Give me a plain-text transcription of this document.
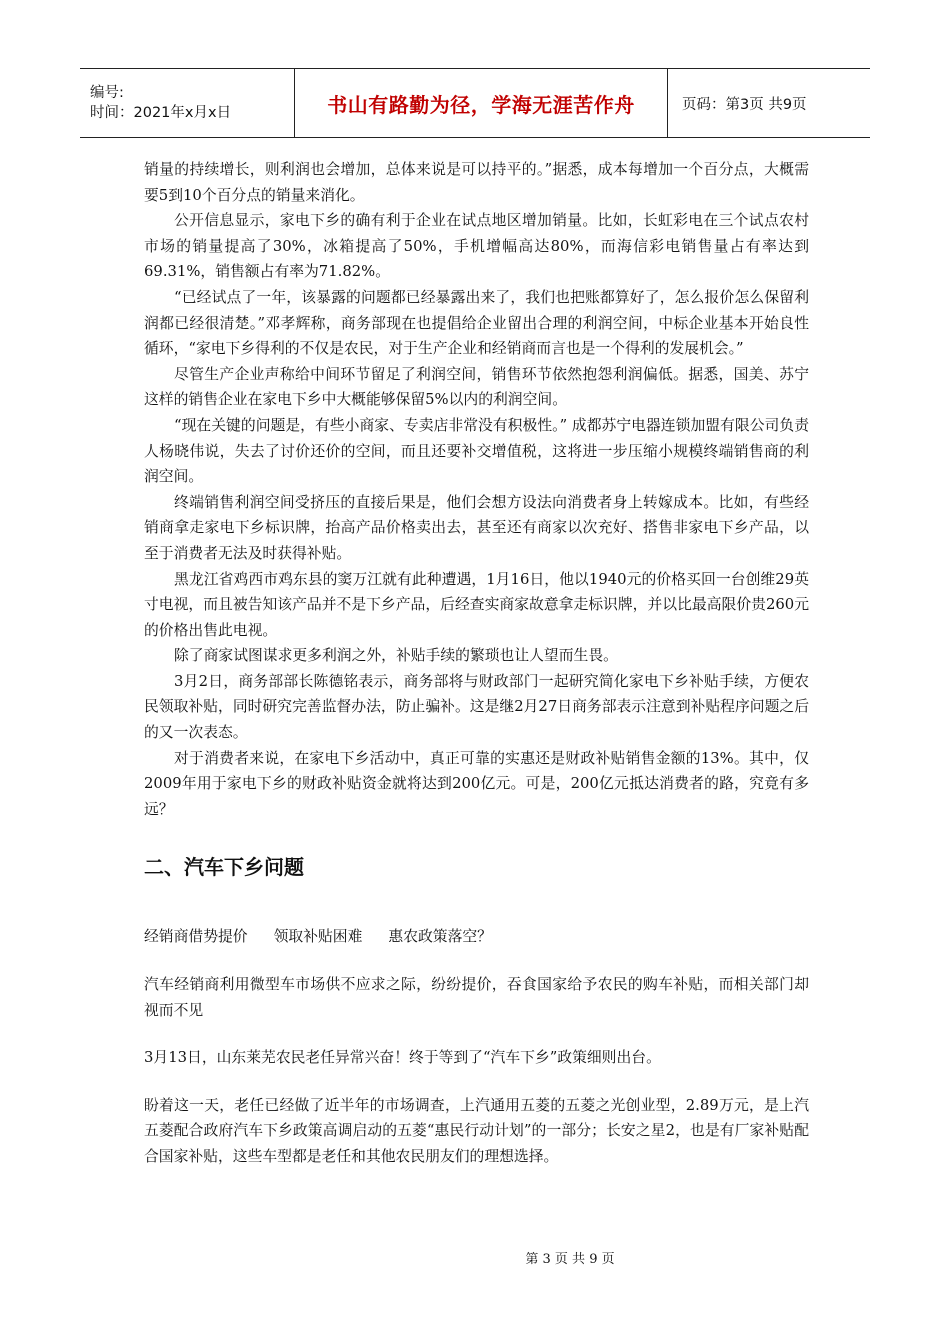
编号:
时间：2021年x月x日	书山有路勤为径，学海无涯苦作舟	页码：第3页 共9页

销量的持续增长，则利润也会增加，总体来说是可以持平的。”据悉，成本每增加一个百分点，大概需要5到10个百分点的销量来消化。

公开信息显示，家电下乡的确有利于企业在试点地区增加销量。比如，长虹彩电在三个试点农村市场的销量提高了30%，冰箱提高了50%，手机增幅高达80%，而海信彩电销售量占有率达到69.31%，销售额占有率为71.82%。

“已经试点了一年，该暴露的问题都已经暴露出来了，我们也把账都算好了，怎么报价怎么保留利润都已经很清楚。”邓孝辉称，商务部现在也提倡给企业留出合理的利润空间，中标企业基本开始良性循环，“家电下乡得利的不仅是农民，对于生产企业和经销商而言也是一个得利的发展机会。”

尽管生产企业声称给中间环节留足了利润空间，销售环节依然抱怨利润偏低。据悉，国美、苏宁这样的销售企业在家电下乡中大概能够保留5%以内的利润空间。

“现在关键的问题是，有些小商家、专卖店非常没有积极性。” 成都苏宁电器连锁加盟有限公司负责人杨晓伟说，失去了讨价还价的空间，而且还要补交增值税，这将进一步压缩小规模终端销售商的利润空间。

终端销售利润空间受挤压的直接后果是，他们会想方设法向消费者身上转嫁成本。比如，有些经销商拿走家电下乡标识牌，抬高产品价格卖出去，甚至还有商家以次充好、搭售非家电下乡产品，以至于消费者无法及时获得补贴。

黑龙江省鸡西市鸡东县的窦万江就有此种遭遇，1月16日，他以1940元的价格买回一台创维29英寸电视，而且被告知该产品并不是下乡产品，后经查实商家故意拿走标识牌，并以比最高限价贵260元的价格出售此电视。

除了商家试图谋求更多利润之外，补贴手续的繁琐也让人望而生畏。

3月2日，商务部部长陈德铭表示，商务部将与财政部门一起研究简化家电下乡补贴手续，方便农民领取补贴，同时研究完善监督办法，防止骗补。这是继2月27日商务部表示注意到补贴程序问题之后的又一次表态。

对于消费者来说，在家电下乡活动中，真正可靠的实惠还是财政补贴销售金额的13%。其中，仅2009年用于家电下乡的财政补贴资金就将达到200亿元。可是，200亿元抵达消费者的路，究竟有多远？

二、汽车下乡问题
经销商借势提价 领取补贴困难 惠农政策落空？

汽车经销商利用微型车市场供不应求之际，纷纷提价，吞食国家给予农民的购车补贴，而相关部门却视而不见

3月13日，山东莱芜农民老任异常兴奋！终于等到了“汽车下乡”政策细则出台。

盼着这一天，老任已经做了近半年的市场调查，上汽通用五菱的五菱之光创业型，2.89万元，是上汽五菱配合政府汽车下乡政策高调启动的五菱“惠民行动计划”的一部分；长安之星2，也是有厂家补贴配合国家补贴，这些车型都是老任和其他农民朋友们的理想选择。

第 3 页 共 9 页
